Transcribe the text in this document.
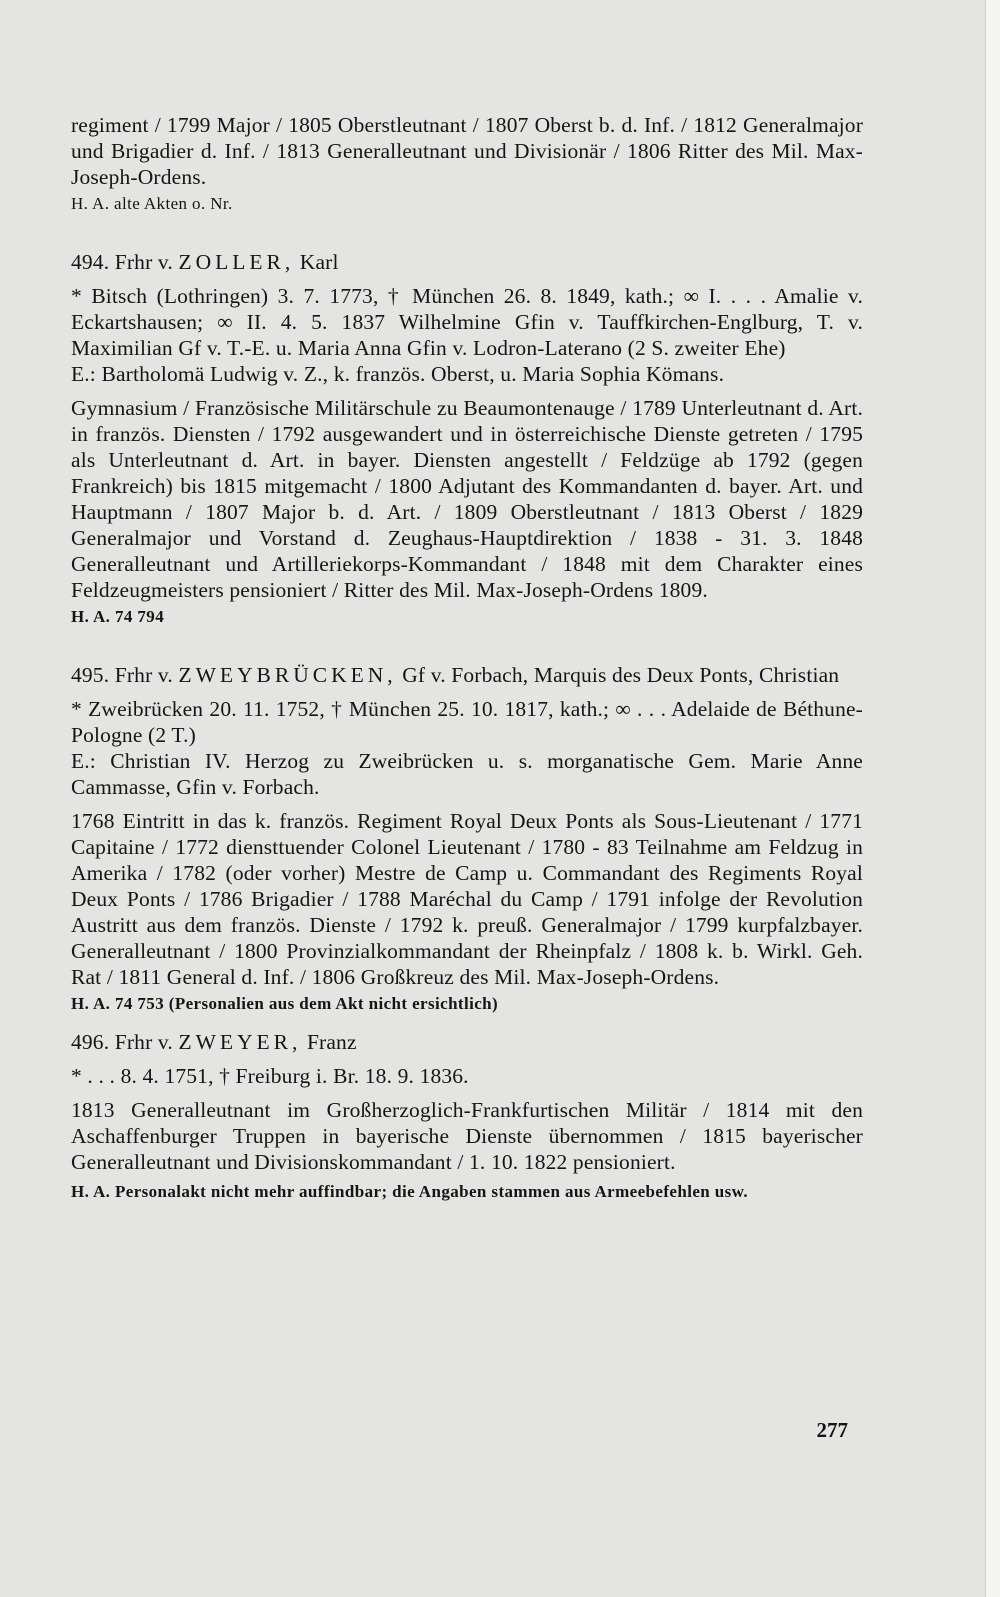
regiment / 1799 Major / 1805 Oberstleutnant / 1807 Oberst b. d. Inf. / 1812 Generalmajor und Brigadier d. Inf. / 1813 Generalleutnant und Divisionär / 1806 Ritter des Mil. Max-Joseph-Ordens.

H. A. alte Akten o. Nr.

494. Frhr v. ZOLLER, Karl

* Bitsch (Lothringen) 3. 7. 1773, † München 26. 8. 1849, kath.; ∞ I. . . . Amalie v. Eckartshausen; ∞ II. 4. 5. 1837 Wilhelmine Gfin v. Tauffkirchen-Englburg, T. v. Maximilian Gf v. T.-E. u. Maria Anna Gfin v. Lodron-Laterano (2 S. zweiter Ehe)

E.: Bartholomä Ludwig v. Z., k. französ. Oberst, u. Maria Sophia Kömans.

Gymnasium / Französische Militärschule zu Beaumontenauge / 1789 Unterleutnant d. Art. in französ. Diensten / 1792 ausgewandert und in österreichische Dienste getreten / 1795 als Unterleutnant d. Art. in bayer. Diensten angestellt / Feldzüge ab 1792 (gegen Frankreich) bis 1815 mitgemacht / 1800 Adjutant des Kommandanten d. bayer. Art. und Hauptmann / 1807 Major b. d. Art. / 1809 Oberstleutnant / 1813 Oberst / 1829 Generalmajor und Vorstand d. Zeughaus-Hauptdirektion / 1838 - 31. 3. 1848 Generalleutnant und Artilleriekorps-Kommandant / 1848 mit dem Charakter eines Feldzeugmeisters pensioniert / Ritter des Mil. Max-Joseph-Ordens 1809.

H. A. 74 794

495. Frhr v. ZWEYBRÜCKEN, Gf v. Forbach, Marquis des Deux Ponts, Christian

* Zweibrücken 20. 11. 1752, † München 25. 10. 1817, kath.; ∞ . . . Adelaide de Béthune-Pologne (2 T.)

E.: Christian IV. Herzog zu Zweibrücken u. s. morganatische Gem. Marie Anne Cammasse, Gfin v. Forbach.

1768 Eintritt in das k. französ. Regiment Royal Deux Ponts als Sous-Lieutenant / 1771 Capitaine / 1772 diensttuender Colonel Lieutenant / 1780 - 83 Teilnahme am Feldzug in Amerika / 1782 (oder vorher) Mestre de Camp u. Commandant des Regiments Royal Deux Ponts / 1786 Brigadier / 1788 Maréchal du Camp / 1791 infolge der Revolution Austritt aus dem französ. Dienste / 1792 k. preuß. Generalmajor / 1799 kurpfalzbayer. Generalleutnant / 1800 Provinzialkommandant der Rheinpfalz / 1808 k. b. Wirkl. Geh. Rat / 1811 General d. Inf. / 1806 Großkreuz des Mil. Max-Joseph-Ordens.

H. A. 74 753 (Personalien aus dem Akt nicht ersichtlich)

496. Frhr v. ZWEYER, Franz

* . . . 8. 4. 1751, † Freiburg i. Br. 18. 9. 1836.

1813 Generalleutnant im Großherzoglich-Frankfurtischen Militär / 1814 mit den Aschaffenburger Truppen in bayerische Dienste übernommen / 1815 bayerischer Generalleutnant und Divisionskommandant / 1. 10. 1822 pensioniert.

H. A. Personalakt nicht mehr auffindbar; die Angaben stammen aus Armeebefehlen usw.

277
